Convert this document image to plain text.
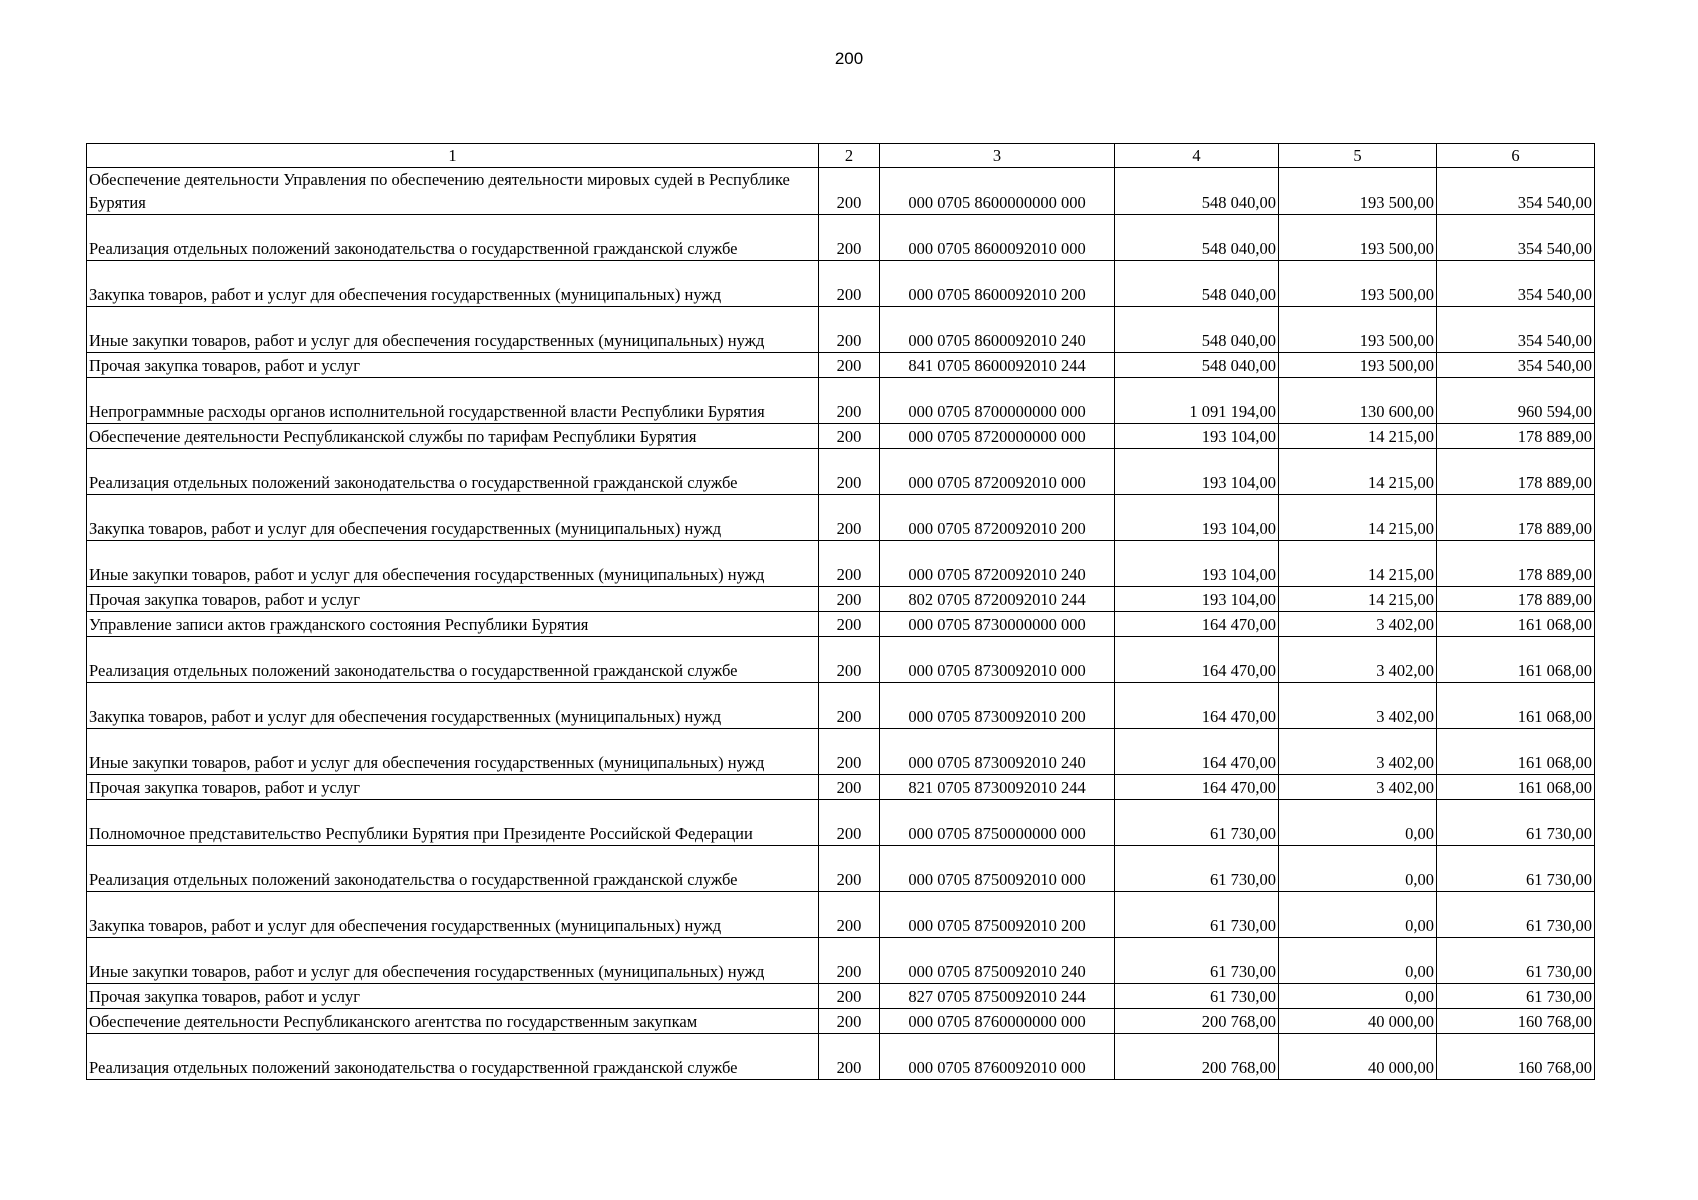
200
1	2	3	4	5	6
Обеспечение деятельности Управления по обеспечению деятельности мировых судей в Республике Бурятия	200	000 0705 8600000000 000	548 040,00	193 500,00	354 540,00
Реализация отдельных положений законодательства о государственной гражданской службе	200	000 0705 8600092010 000	548 040,00	193 500,00	354 540,00
Закупка товаров, работ и услуг для обеспечения государственных (муниципальных) нужд	200	000 0705 8600092010 200	548 040,00	193 500,00	354 540,00
Иные закупки товаров, работ и услуг для обеспечения государственных (муниципальных) нужд	200	000 0705 8600092010 240	548 040,00	193 500,00	354 540,00
Прочая закупка товаров, работ и услуг	200	841 0705 8600092010 244	548 040,00	193 500,00	354 540,00
Непрограммные расходы органов исполнительной государственной власти Республики Бурятия	200	000 0705 8700000000 000	1 091 194,00	130 600,00	960 594,00
Обеспечение деятельности Республиканской службы по тарифам Республики Бурятия	200	000 0705 8720000000 000	193 104,00	14 215,00	178 889,00
Реализация отдельных положений законодательства о государственной гражданской службе	200	000 0705 8720092010 000	193 104,00	14 215,00	178 889,00
Закупка товаров, работ и услуг для обеспечения государственных (муниципальных) нужд	200	000 0705 8720092010 200	193 104,00	14 215,00	178 889,00
Иные закупки товаров, работ и услуг для обеспечения государственных (муниципальных) нужд	200	000 0705 8720092010 240	193 104,00	14 215,00	178 889,00
Прочая закупка товаров, работ и услуг	200	802 0705 8720092010 244	193 104,00	14 215,00	178 889,00
Управление записи актов гражданского состояния Республики Бурятия	200	000 0705 8730000000 000	164 470,00	3 402,00	161 068,00
Реализация отдельных положений законодательства о государственной гражданской службе	200	000 0705 8730092010 000	164 470,00	3 402,00	161 068,00
Закупка товаров, работ и услуг для обеспечения государственных (муниципальных) нужд	200	000 0705 8730092010 200	164 470,00	3 402,00	161 068,00
Иные закупки товаров, работ и услуг для обеспечения государственных (муниципальных) нужд	200	000 0705 8730092010 240	164 470,00	3 402,00	161 068,00
Прочая закупка товаров, работ и услуг	200	821 0705 8730092010 244	164 470,00	3 402,00	161 068,00
Полномочное представительство Республики Бурятия при Президенте Российской Федерации	200	000 0705 8750000000 000	61 730,00	0,00	61 730,00
Реализация отдельных положений законодательства о государственной гражданской службе	200	000 0705 8750092010 000	61 730,00	0,00	61 730,00
Закупка товаров, работ и услуг для обеспечения государственных (муниципальных) нужд	200	000 0705 8750092010 200	61 730,00	0,00	61 730,00
Иные закупки товаров, работ и услуг для обеспечения государственных (муниципальных) нужд	200	000 0705 8750092010 240	61 730,00	0,00	61 730,00
Прочая закупка товаров, работ и услуг	200	827 0705 8750092010 244	61 730,00	0,00	61 730,00
Обеспечение деятельности Республиканского агентства по государственным закупкам	200	000 0705 8760000000 000	200 768,00	40 000,00	160 768,00
Реализация отдельных положений законодательства о государственной гражданской службе	200	000 0705 8760092010 000	200 768,00	40 000,00	160 768,00
